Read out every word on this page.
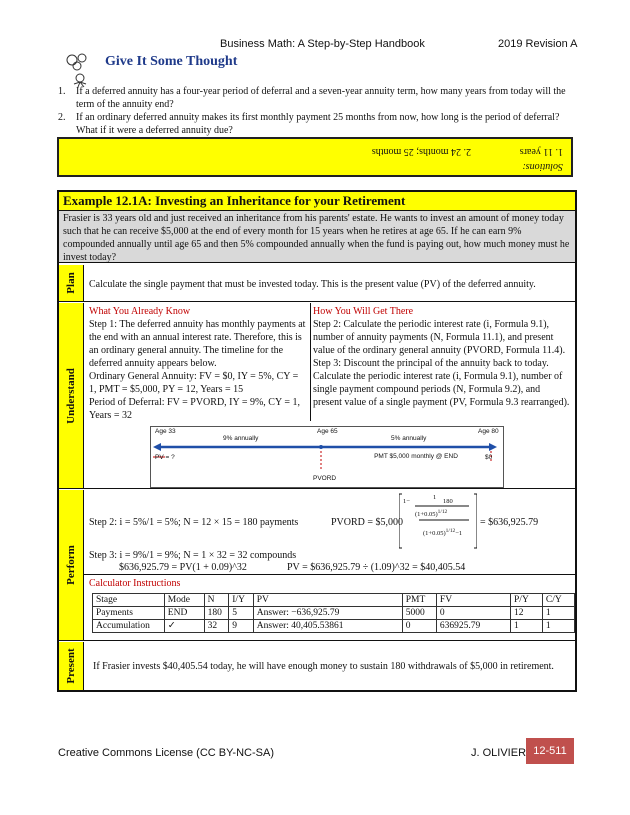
Business Math: A Step-by-Step Handbook	2019 Revision A
Give It Some Thought
1.	If a deferred annuity has a four-year period of deferral and a seven-year annuity term, how many years from today will the term of the annuity end?
2.	If an ordinary deferred annuity makes its first monthly payment 25 months from now, how long is the period of deferral? What if it were a deferred annuity due?
Solutions:
1. 11 years
2. 24 months; 25 months
Example 12.1A: Investing an Inheritance for your Retirement
Frasier is 33 years old and just received an inheritance from his parents' estate. He wants to invest an amount of money today such that he can receive $5,000 at the end of every month for 15 years when he retires at age 65. If he can earn 9% compounded annually until age 65 and then 5% compounded annually when the fund is paying out, how much money must he invest today?
Plan Calculate the single payment that must be invested today. This is the present value (PV) of the deferred annuity.
Understand
What You Already Know
Step 1: The deferred annuity has monthly payments at the end with an annual interest rate. Therefore, this is an ordinary general annuity. The timeline for the deferred annuity appears below.
Ordinary General Annuity: FV = $0, IY = 5%, CY = 1, PMT = $5,000, PY = 12, Years = 15
Period of Deferral: FV = PVORD, IY = 9%, CY = 1, Years = 32
How You Will Get There
Step 2: Calculate the periodic interest rate (i, Formula 9.1), number of annuity payments (N, Formula 11.1), and present value of the ordinary general annuity (PVORD, Formula 11.4).
Step 3: Discount the principal of the annuity back to today. Calculate the periodic interest rate (i, Formula 9.1), number of single payment compound periods (N, Formula 9.2), and present value of a single payment (PV, Formula 9.3 rearranged).
Age 33	Age 65	Age 80
9% annually	5% annually
PV = ?	PMT $5,000 monthly @ END	$0
PVORD
Perform
Step 2: i = 5%/1 = 5%; N = 12 × 15 = 180 payments	PVORD = $5,000
1−
1
$(1+0.05)^{1/12}$
180
$(1+0.05)^{1/12}-1$
= $636,925.79
Step 3: i = 9%/1 = 9%; N = 1 × 32 = 32 compounds
$636,925.79 = PV(1 + 0.09)^32	PV = $636,925.79 ÷ (1.09)^32 = $40,405.54
Calculator Instructions
Stage	Mode	N	I/Y	PV	PMT	FV	P/Y	C/Y
Payments	END	180	5	Answer: −636,925.79	5000	0	12	1
Accumulation	✓	32	9	Answer: 40,405.53861	0	636925.79	1	1
Present If Frasier invests $40,405.54 today, he will have enough money to sustain 180 withdrawals of $5,000 in retirement.
Creative Commons License (CC BY-NC-SA)	J. OLIVIER 12-511
